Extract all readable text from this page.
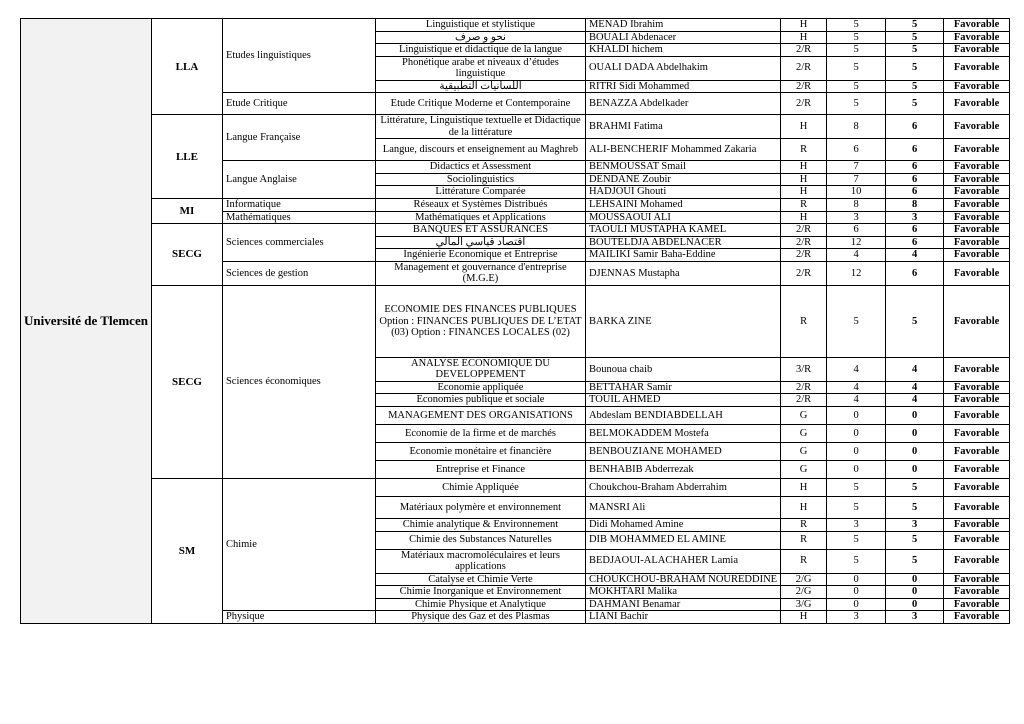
Université de Tlemcen	LLA	Etudes linguistiques	Linguistique et stylistique	MENAD Ibrahim	H	5	5	Favorable
			نحو و صرف	BOUALI Abdenacer	H	5	5	Favorable
			Linguistique et didactique de la langue	KHALDI hichem	2/R	5	5	Favorable
			Phonétique arabe et niveaux d’études linguistique	OUALI DADA Abdelhakim	2/R	5	5	Favorable
			اللسانيات التطبيقية	RITRI Sidi Mohammed	2/R	5	5	Favorable
		Etude Critique	Etude Critique Moderne et Contemporaine	BENAZZA Abdelkader	2/R	5	5	Favorable
	LLE	Langue Française	Littérature, Linguistique textuelle et Didactique de la littérature	BRAHMI Fatima	H	8	6	Favorable
			Langue, discours et enseignement au Maghreb	ALI-BENCHERIF Mohammed Zakaria	R	6	6	Favorable
		Langue Anglaise	Didactics et Assessment	BENMOUSSAT Smail	H	7	6	Favorable
			Sociolinguistics	DENDANE Zoubir	H	7	6	Favorable
			Littérature Comparée	HADJOUI Ghouti	H	10	6	Favorable
	MI	Informatique	Réseaux et Systèmes Distribués	LEHSAINI Mohamed	R	8	8	Favorable
		Mathématiques	Mathématiques et Applications	MOUSSAOUI ALI	H	3	3	Favorable
	SECG	Sciences commerciales	BANQUES ET ASSURANCES	TAOULI MUSTAPHA KAMEL	2/R	6	6	Favorable
			اقتصاد قياسي المالي	BOUTELDJA ABDELNACER	2/R	12	6	Favorable
			Ingénierie Economique et Entreprise	MAILIKI Samir Baha-Eddine	2/R	4	4	Favorable
		Sciences de gestion	Management et gouvernance d'entreprise (M.G.E)	DJENNAS Mustapha	2/R	12	6	Favorable
	SECG	Sciences économiques	ECONOMIE DES FINANCES PUBLIQUES Option : FINANCES PUBLIQUES DE L’ETAT (03) Option : FINANCES LOCALES (02)	BARKA ZINE	R	5	5	Favorable
			ANALYSE ECONOMIQUE DU DEVELOPPEMENT	Bounoua chaib	3/R	4	4	Favorable
			Economie appliquée	BETTAHAR Samir	2/R	4	4	Favorable
			Economies publique et sociale	TOUIL AHMED	2/R	4	4	Favorable
			MANAGEMENT DES ORGANISATIONS	Abdeslam BENDIABDELLAH	G	0	0	Favorable
			Economie de la firme et de marchés	BELMOKADDEM Mostefa	G	0	0	Favorable
			Economie monétaire et financière	BENBOUZIANE MOHAMED	G	0	0	Favorable
			Entreprise et Finance	BENHABIB Abderrezak	G	0	0	Favorable
	SM	Chimie	Chimie Appliquée	Choukchou-Braham Abderrahim	H	5	5	Favorable
			Matériaux polymère et environnement	MANSRI Ali	H	5	5	Favorable
			Chimie analytique & Environnement	Didi Mohamed Amine	R	3	3	Favorable
			Chimie des Substances Naturelles	DIB MOHAMMED EL AMINE	R	5	5	Favorable
			Matériaux macromoléculaires et leurs applications	BEDJAOUI-ALACHAHER Lamia	R	5	5	Favorable
			Catalyse et Chimie Verte	CHOUKCHOU-BRAHAM NOUREDDINE	2/G	0	0	Favorable
			Chimie Inorganique et Environnement	MOKHTARI Malika	2/G	0	0	Favorable
			Chimie Physique et Analytique	DAHMANI Benamar	3/G	0	0	Favorable
		Physique	Physique des Gaz et des Plasmas	LIANI Bachir	H	3	3	Favorable
